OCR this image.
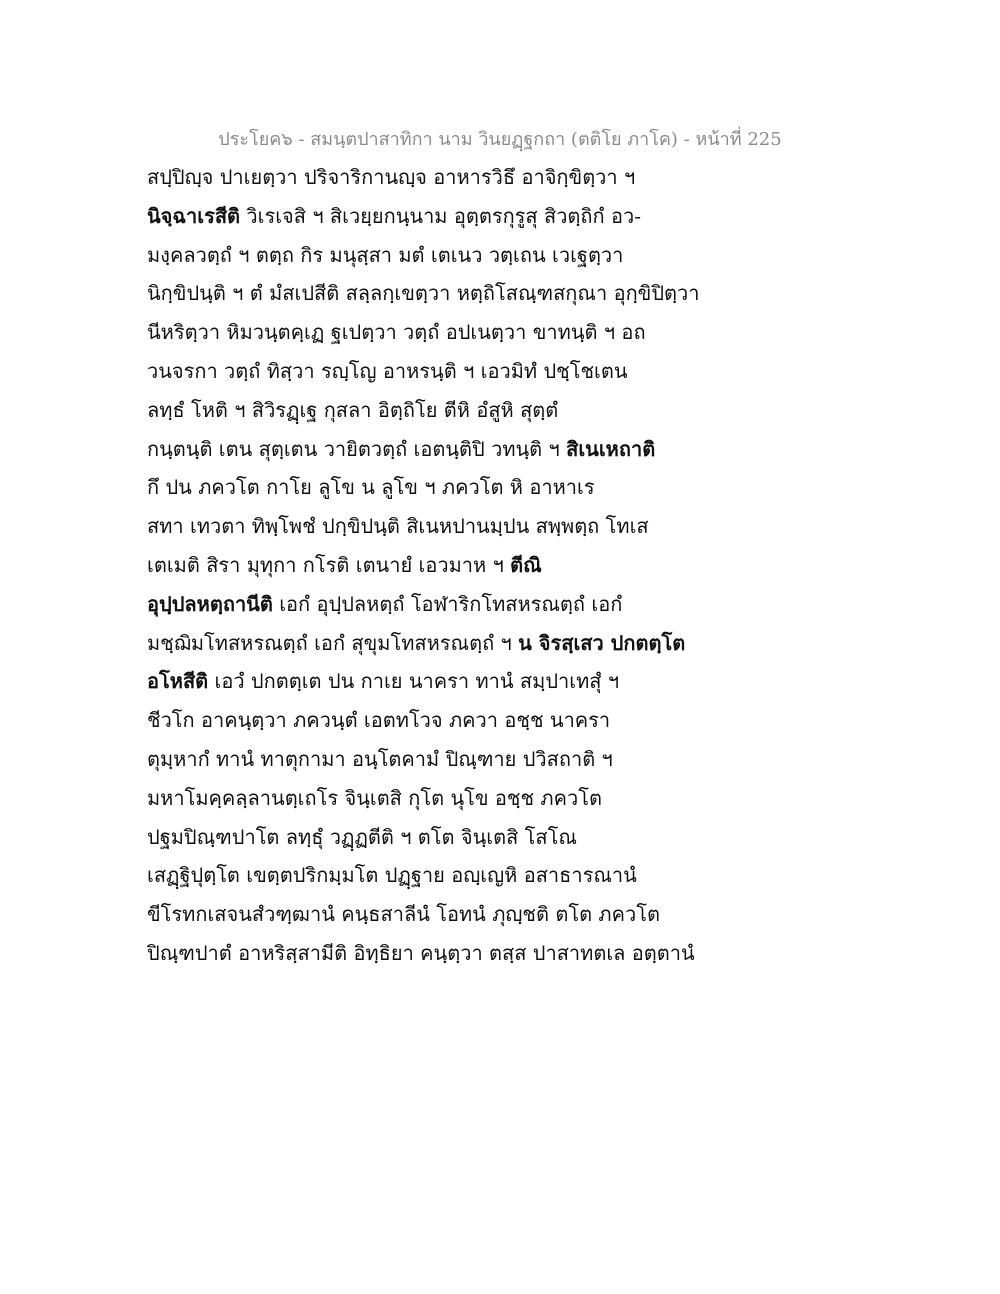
ประโยค๖ - สมนฺตปาสาทิกา นาม วินยฏฺฐกถา (ตติโย ภาโค) - หน้าที่ 225
สปฺปิญฺจ ปาเยตฺวา ปริจาริกานญฺจ อาหารวิธึ อาจิกฺขิตฺวา ฯ
นิจฺฉาเรสีติ วิเรเจสิ ฯ สิเวยฺยกนฺนาม อุตฺตรกุรูสุ สิวตฺถิกํ อว-
มงฺคลวตฺถํ ฯ ตตฺถ กิร มนุสฺสา มตํ เตเนว วตฺเถน เวเฐตฺวา
นิกฺขิปนฺติ ฯ ตํ มํสเปสีติ สลฺลกฺเขตฺวา หตฺถิโสณฺฑสกุณา อุกฺขิปิตฺวา
นีหริตฺวา หิมวนฺตคฺเฏ ฐเปตฺวา วตฺถํ อปเนตฺวา ขาทนฺติ ฯ อถ
วนจรกา วตฺถํ ทิสฺวา รญฺโญ อาหรนฺติ ฯ เอวมิทํ ปชฺโชเตน
ลทฺธํ โหติ ฯ สิวิรฏฺเฐ กุสลา อิตฺถิโย ตีหิ อํสูหิ สุตฺตํ
กนฺตนฺติ เตน สุตฺเตน วายิตวตฺถํ เอตนฺติปิ วทนฺติ ฯ สิเนเหถาติ
กึ ปน ภควโต กาโย ลูโข น ลูโข ฯ ภควโต หิ อาหาเร
สทา เทวตา ทิพฺโพชํ ปกฺขิปนฺติ สิเนหปานมฺปน สพฺพตฺถ โทเส
เตเมติ สิรา มุทุกา กโรติ เตนายํ เอวมาห ฯ ตีณิ
อุปฺปลหตฺถานีติ เอกํ อุปฺปลหตฺถํ โอฬาริกโทสหรณตฺถํ เอกํ
มชฺฌิมโทสหรณตฺถํ เอกํ สุขุมโทสหรณตฺถํ ฯ น จิรสฺเสว ปกตตฺโต
อโหสีติ เอวํ ปกตตฺเต ปน กาเย นาครา ทานํ สมฺปาเทสุํ ฯ
ชีวโก อาคนฺตฺวา ภควนฺตํ เอตทโวจ ภควา อชฺช นาครา
ตุมฺหากํ ทานํ ทาตุกามา อนฺโตคามํ ปิณฺฑาย ปวิสถาติ ฯ
มหาโมคฺคลฺลานตฺเถโร จินฺเตสิ กุโต นุโข อชฺช ภควโต
ปฐมปิณฺฑปาโต ลทฺธุํ วฏฺฏตีติ ฯ ตโต จินฺเตสิ โสโณ
เสฏฺฐิปุตฺโต เขตฺตปริกมฺมโต ปฏฺฐาย อญฺเญหิ อสาธารณานํ
ขีโรทกเสจนสํวฑฺฒานํ คนฺธสาลีนํ โอทนํ ภุญฺชติ ตโต ภควโต
ปิณฺฑปาตํ อาหริสฺสามีติ อิทฺธิยา คนฺตฺวา ตสฺส ปาสาทตเล อตฺตานํ
